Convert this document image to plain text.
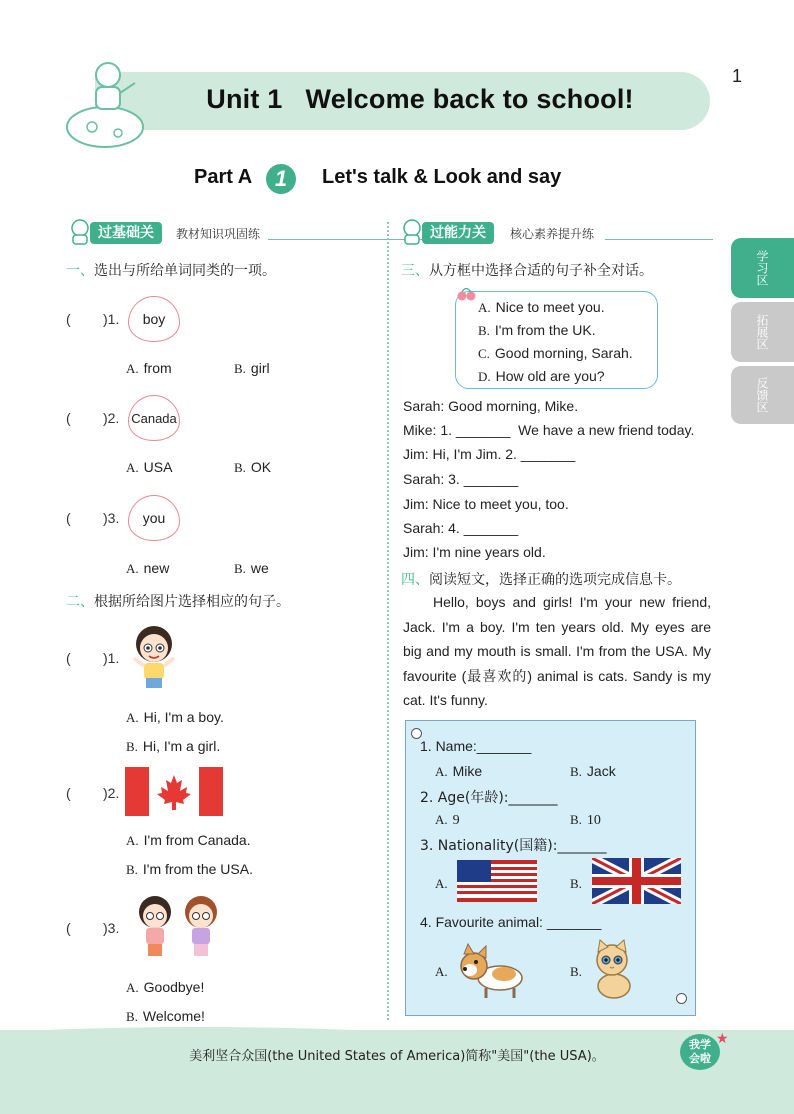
Unit 1   Welcome back to school!
1
Part A	1	Let's talk & Look and say
学习区
拓展区
反馈区
过基础关	教材知识巩固练
一、选出与所给单词同类的一项。
( )1.	boy
A. from	B. girl
( )2. Canada
A. USA	B. OK
( )3.	you
A. new	B. we
二、根据所给图片选择相应的句子。
( )1.
A. Hi, I'm a boy.
B. Hi, I'm a girl.
( )2.
A. I'm from Canada.
B. I'm from the USA.
( )3.
A. Goodbye!
B. Welcome!
过能力关	核心素养提升练
三、从方框中选择合适的句子补全对话。
A. Nice to meet you.
B. I'm from the UK.
C. Good morning, Sarah.
D. How old are you?
Sarah: Good morning, Mike.
Mike: 1. _______  We have a new friend today.
Jim: Hi, I'm Jim. 2. _______
Sarah: 3. _______
Jim: Nice to meet you, too.
Sarah: 4. _______
Jim: I'm nine years old.
四、阅读短文，选择正确的选项完成信息卡。
Hello, boys and girls! I'm your new friend, Jack. I'm a boy. I'm ten years old. My eyes are big and my mouth is small. I'm from the USA. My favourite (最喜欢的) animal is cats. Sandy is my cat. It's funny.
1. Name:_______
A. Mike	B. Jack
2. Age(年龄):_______
A. 9	B. 10
3. Nationality(国籍):_______
A.	B.
4. Favourite animal: _______
A.	B.
美利坚合众国(the United States of America)简称"美国"(the USA)。
我学
会啦
★
